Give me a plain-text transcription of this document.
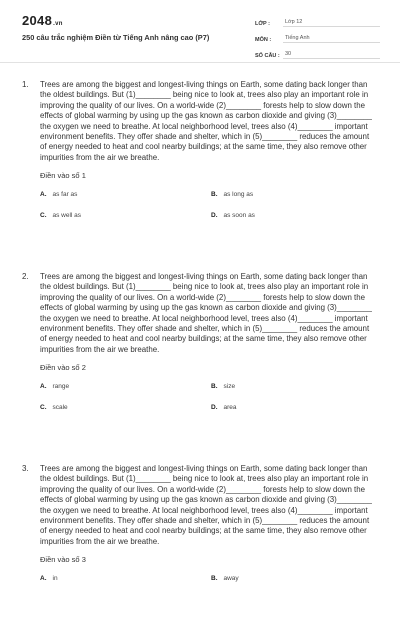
2048.vn
250 câu trắc nghiệm Điền từ Tiếng Anh nâng cao (P7)
LỚP :	Lớp 12
MÔN :	Tiếng Anh
SỐ CÂU : 30
1. Trees are among the biggest and longest-living things on Earth, some dating back longer than the oldest buildings. But (1)________ being nice to look at, trees also play an important role in improving the quality of our lives. On a world-wide (2)________ forests help to slow down the effects of global warming by using up the gas known as carbon dioxide and giving (3)________ the oxygen we need to breathe. At local neighborhood level, trees also (4)________ important environment benefits. They offer shade and shelter, which in (5)________ reduces the amount of energy needed to heat and cool nearby buildings; at the same time, they also remove other impurities from the air we breathe.

Điền vào số 1
A. as far as	B. as long as
C. as well as	D. as soon as
2. Trees are among the biggest and longest-living things on Earth, some dating back longer than the oldest buildings. But (1)________ being nice to look at, trees also play an important role in improving the quality of our lives. On a world-wide (2)________ forests help to slow down the effects of global warming by using up the gas known as carbon dioxide and giving (3)________ the oxygen we need to breathe. At local neighborhood level, trees also (4)________ important environment benefits. They offer shade and shelter, which in (5)________ reduces the amount of energy needed to heat and cool nearby buildings; at the same time, they also remove other impurities from the air we breathe.

Điền vào số 2
A. range	B. size
C. scale	D. area
3. Trees are among the biggest and longest-living things on Earth, some dating back longer than the oldest buildings. But (1)________ being nice to look at, trees also play an important role in improving the quality of our lives. On a world-wide (2)________ forests help to slow down the effects of global warming by using up the gas known as carbon dioxide and giving (3)________ the oxygen we need to breathe. At local neighborhood level, trees also (4)________ important environment benefits. They offer shade and shelter, which in (5)________ reduces the amount of energy needed to heat and cool nearby buildings; at the same time, they also remove other impurities from the air we breathe.

Điền vào số 3
A. in	B. away
